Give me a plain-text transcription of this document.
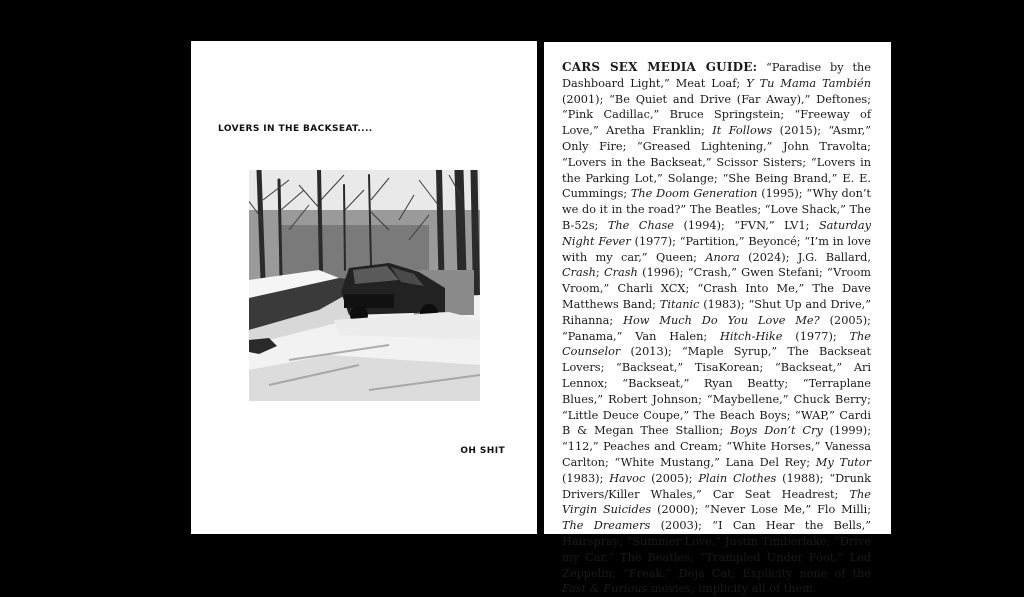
LOVERS IN THE BACKSEAT....
OH SHIT

CARS SEX MEDIA GUIDE: “Paradise by the Dashboard Light,” Meat Loaf; Y Tu Mama También (2001); “Be Quiet and Drive (Far Away),” Deftones; “Pink Cadillac,” Bruce Springstein; “Freeway of Love,” Aretha Franklin; It Follows (2015); “Asmr,” Only Fire; “Greased Lightening,” John Travolta; “Lovers in the Backseat,” Scissor Sisters; “Lovers in the Parking Lot,” Solange; “She Being Brand,” E. E. Cummings; The Doom Generation (1995); “Why don’t we do it in the road?” The Beatles; “Love Shack,” The B-52s; The Chase (1994); “FVN,” LV1; Saturday Night Fever (1977); “Partition,” Beyoncé; “I’m in love with my car,” Queen; Anora (2024); J.G. Ballard, Crash; Crash (1996); “Crash,” Gwen Stefani; “Vroom Vroom,” Charli XCX; “Crash Into Me,” The Dave Matthews Band; Titanic (1983); “Shut Up and Drive,” Rihanna; How Much Do You Love Me? (2005); “Panama,” Van Halen; Hitch-Hike (1977); The Counselor (2013); “Maple Syrup,” The Backseat Lovers; “Backseat,” TisaKorean; “Backseat,” Ari Lennox; “Backseat,” Ryan Beatty; “Terraplane Blues,” Robert Johnson; “Maybellene,” Chuck Berry; “Little Deuce Coupe,” The Beach Boys; “WAP,” Cardi B & Megan Thee Stallion; Boys Don’t Cry (1999); “112,” Peaches and Cream; “White Horses,” Vanessa Carlton; “White Mustang,” Lana Del Rey; My Tutor (1983); Havoc (2005); Plain Clothes (1988); “Drunk Drivers/Killer Whales,” Car Seat Headrest; The Virgin Suicides (2000); “Never Lose Me,” Flo Milli; The Dreamers (2003); “I Can Hear the Bells,” Hairspray; “Summer Love,” Justin Timberlake; “Drive my Car,” The Beatles; “Trampled Under Foot,” Led Zeppelin; “Freak,” Doja Cat; Explicity none of the Fast & Furious movies; implicity all of them.
